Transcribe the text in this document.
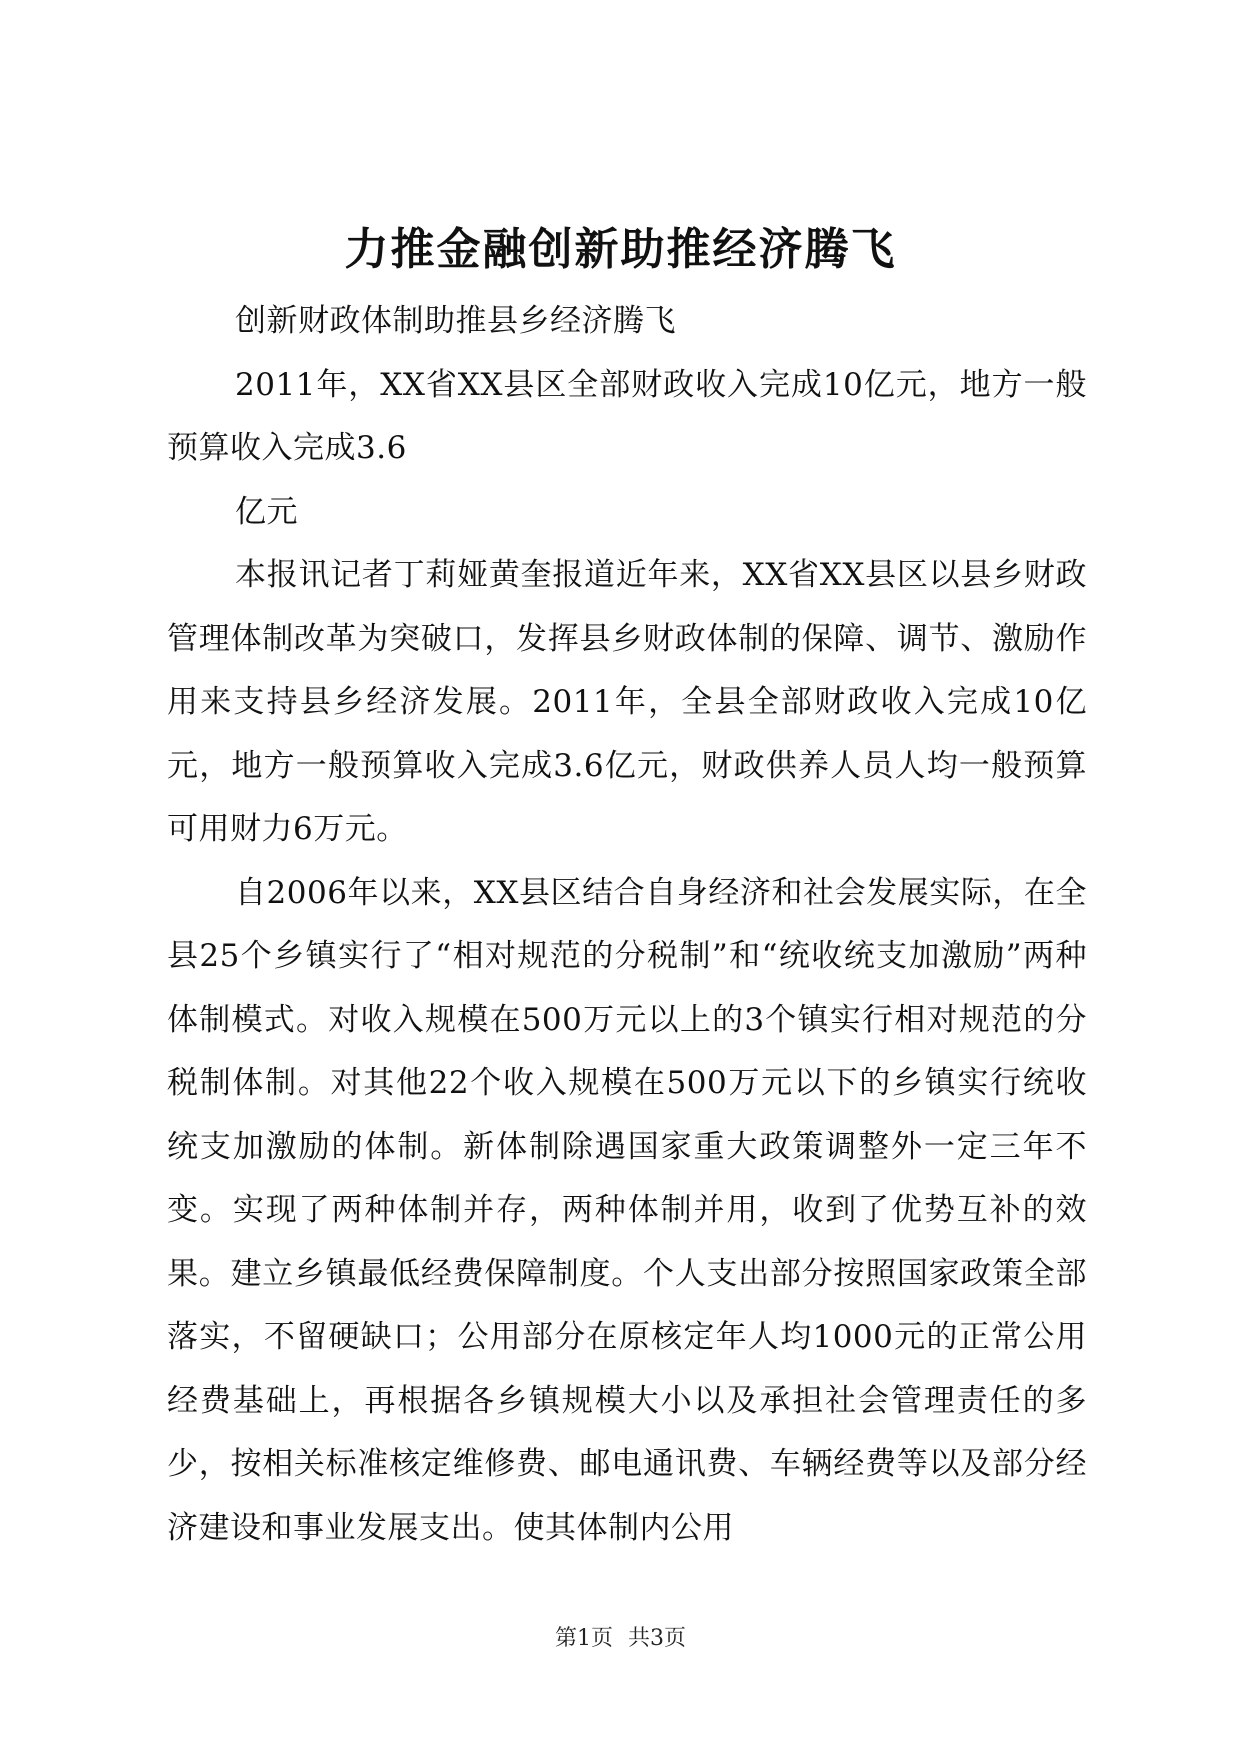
力推金融创新助推经济腾飞

创新财政体制助推县乡经济腾飞

2011年，XX省XX县区全部财政收入完成10亿元，地方一般预算收入完成3.6

亿元

本报讯记者丁莉娅黄奎报道近年来，XX省XX县区以县乡财政管理体制改革为突破口，发挥县乡财政体制的保障、调节、激励作用来支持县乡经济发展。2011年，全县全部财政收入完成10亿元，地方一般预算收入完成3.6亿元，财政供养人员人均一般预算可用财力6万元。

自2006年以来，XX县区结合自身经济和社会发展实际，在全县25个乡镇实行了“相对规范的分税制”和“统收统支加激励”两种体制模式。对收入规模在500万元以上的3个镇实行相对规范的分税制体制。对其他22个收入规模在500万元以下的乡镇实行统收统支加激励的体制。新体制除遇国家重大政策调整外一定三年不变。实现了两种体制并存，两种体制并用，收到了优势互补的效果。建立乡镇最低经费保障制度。个人支出部分按照国家政策全部落实，不留硬缺口；公用部分在原核定年人均1000元的正常公用经费基础上，再根据各乡镇规模大小以及承担社会管理责任的多少，按相关标准核定维修费、邮电通讯费、车辆经费等以及部分经济建设和事业发展支出。使其体制内公用

第1页 共3页
